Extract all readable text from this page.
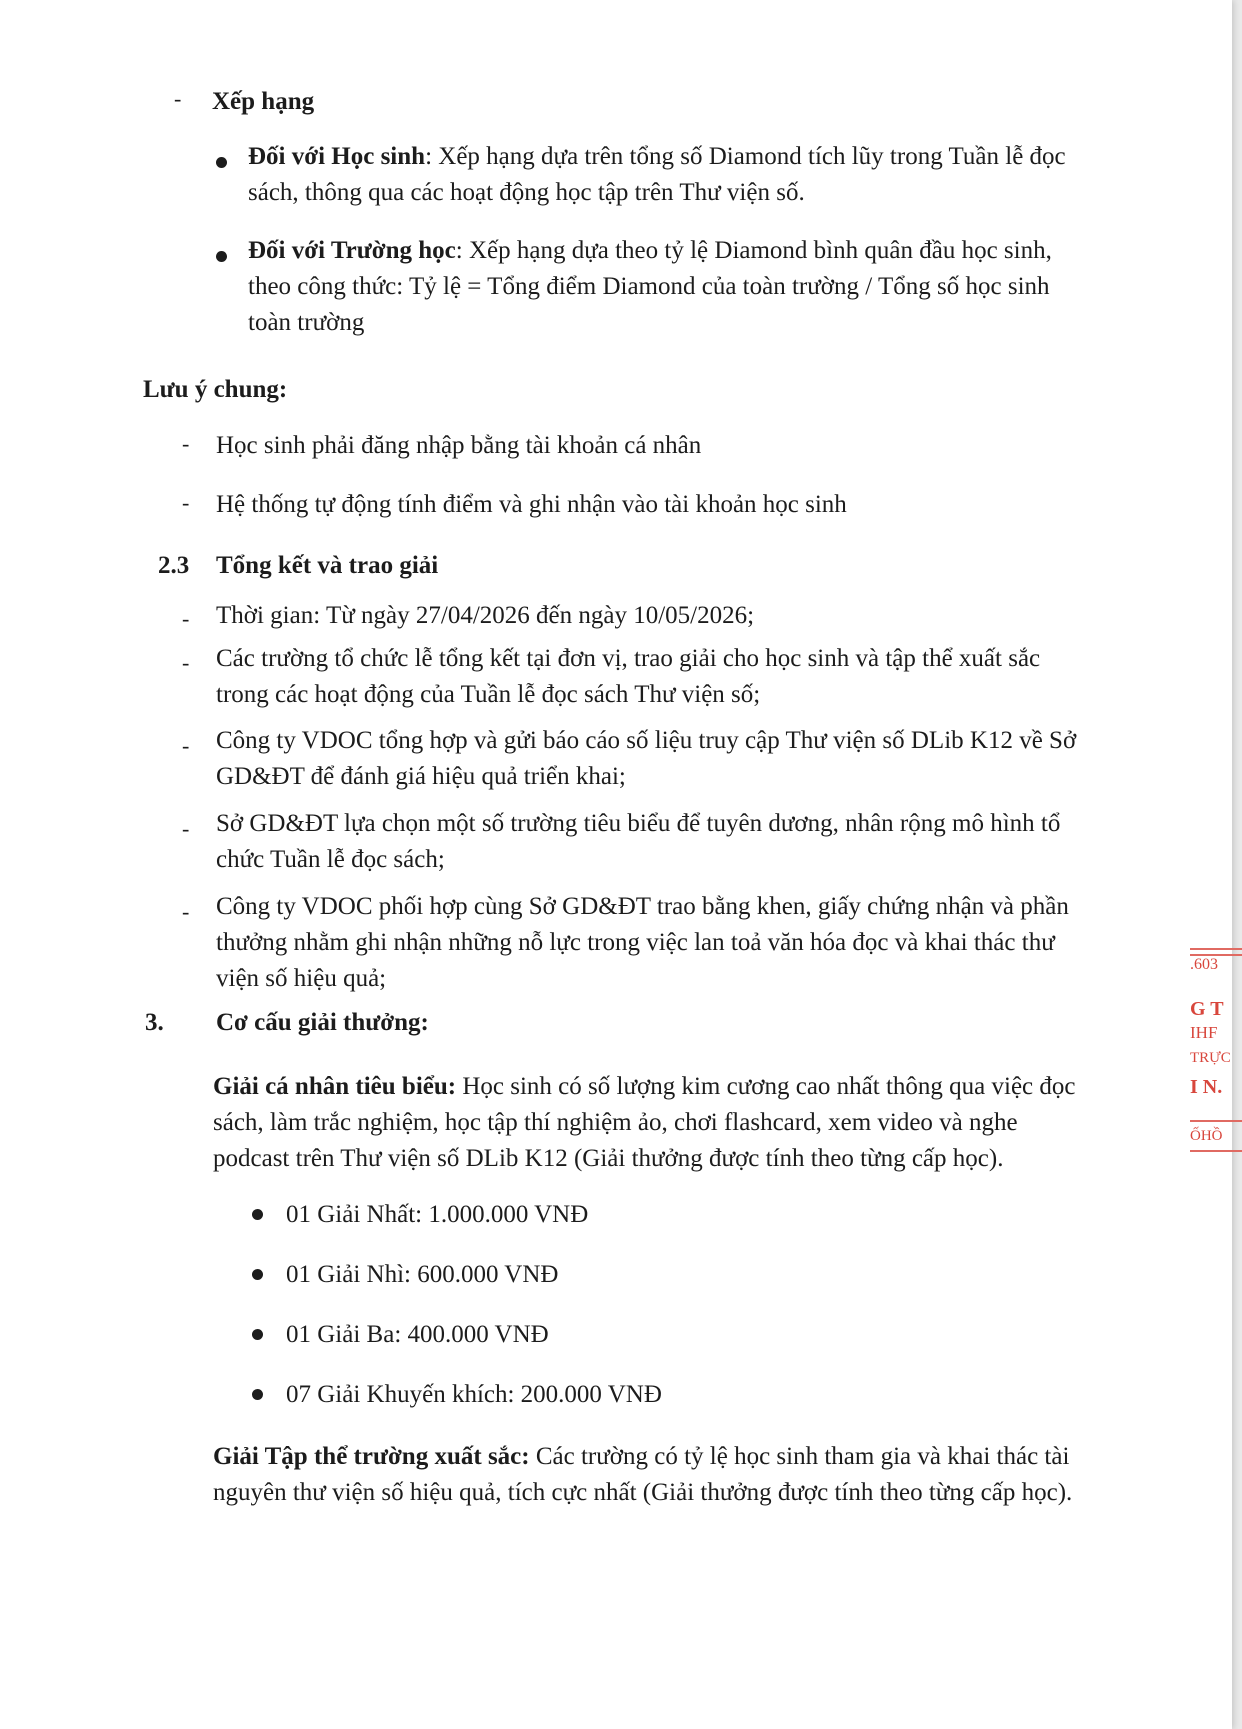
- Xếp hạng
Đối với Học sinh: Xếp hạng dựa trên tổng số Diamond tích lũy trong Tuần lễ đọc
sách, thông qua các hoạt động học tập trên Thư viện số.
Đối với Trường học: Xếp hạng dựa theo tỷ lệ Diamond bình quân đầu học sinh,
theo công thức: Tỷ lệ = Tổng điểm Diamond của toàn trường / Tổng số học sinh
toàn trường
Lưu ý chung:
- Học sinh phải đăng nhập bằng tài khoản cá nhân
- Hệ thống tự động tính điểm và ghi nhận vào tài khoản học sinh
2.3 Tổng kết và trao giải
- Thời gian: Từ ngày 27/04/2026 đến ngày 10/05/2026;
- Các trường tổ chức lễ tổng kết tại đơn vị, trao giải cho học sinh và tập thể xuất sắc
trong các hoạt động của Tuần lễ đọc sách Thư viện số;
- Công ty VDOC tổng hợp và gửi báo cáo số liệu truy cập Thư viện số DLib K12 về Sở
GD&ĐT để đánh giá hiệu quả triển khai;
- Sở GD&ĐT lựa chọn một số trường tiêu biểu để tuyên dương, nhân rộng mô hình tổ
chức Tuần lễ đọc sách;
- Công ty VDOC phối hợp cùng Sở GD&ĐT trao bằng khen, giấy chứng nhận và phần
thưởng nhằm ghi nhận những nỗ lực trong việc lan toả văn hóa đọc và khai thác thư
viện số hiệu quả;
3. Cơ cấu giải thưởng:
Giải cá nhân tiêu biểu: Học sinh có số lượng kim cương cao nhất thông qua việc đọc
sách, làm trắc nghiệm, học tập thí nghiệm ảo, chơi flashcard, xem video và nghe
podcast trên Thư viện số DLib K12 (Giải thưởng được tính theo từng cấp học).
01 Giải Nhất: 1.000.000 VNĐ
01 Giải Nhì: 600.000 VNĐ
01 Giải Ba: 400.000 VNĐ
07 Giải Khuyến khích: 200.000 VNĐ
Giải Tập thể trường xuất sắc: Các trường có tỷ lệ học sinh tham gia và khai thác tài
nguyên thư viện số hiệu quả, tích cực nhất (Giải thưởng được tính theo từng cấp học).
.603
G T
IHF
TRỰC
I N.
ỐHỒ
